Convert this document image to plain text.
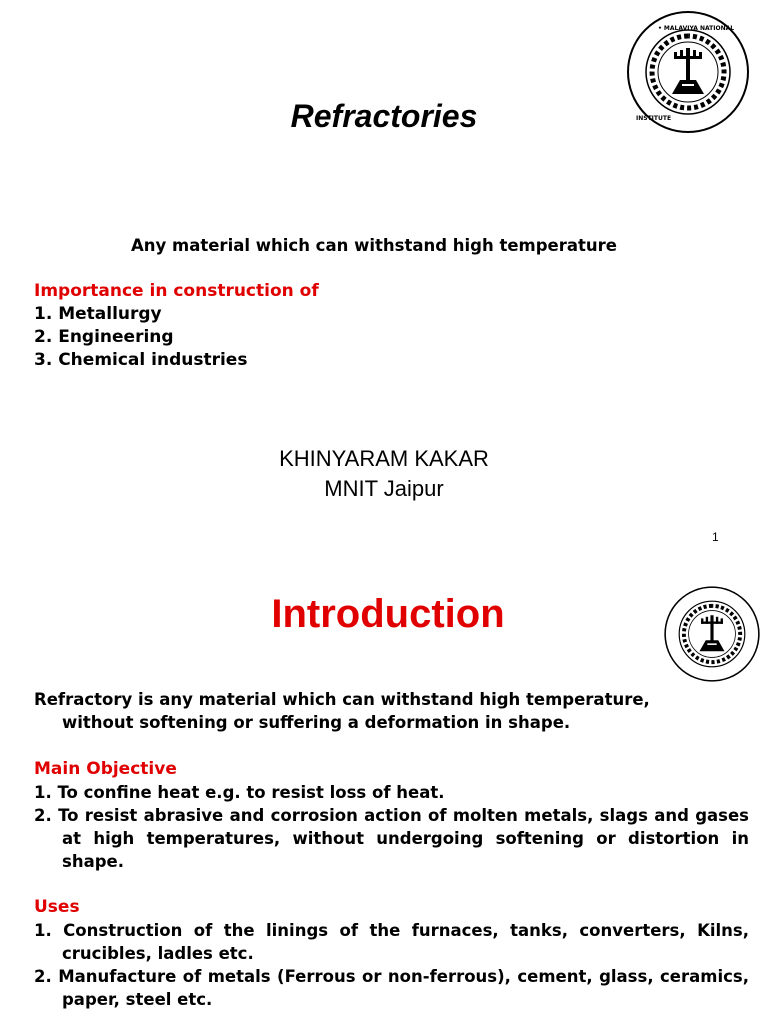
• MALAVIYA NATIONAL
INSTITUTE
Refractories
Any material which can withstand high temperature
Importance in construction of
1. Metallurgy
2. Engineering
3. Chemical industries
KHINYARAM KAKAR
MNIT Jaipur
1
Introduction
Refractory is any material which can withstand high temperature,
without softening or suffering a deformation in shape.
Main Objective
1. To confine heat e.g. to resist loss of heat.
2. To resist abrasive and corrosion action of molten metals, slags and gases at high temperatures, without undergoing softening or distortion in shape.
Uses
1. Construction of the linings of the furnaces, tanks, converters, Kilns, crucibles, ladles etc.
2. Manufacture of metals (Ferrous or non-ferrous), cement, glass, ceramics, paper, steel etc.
